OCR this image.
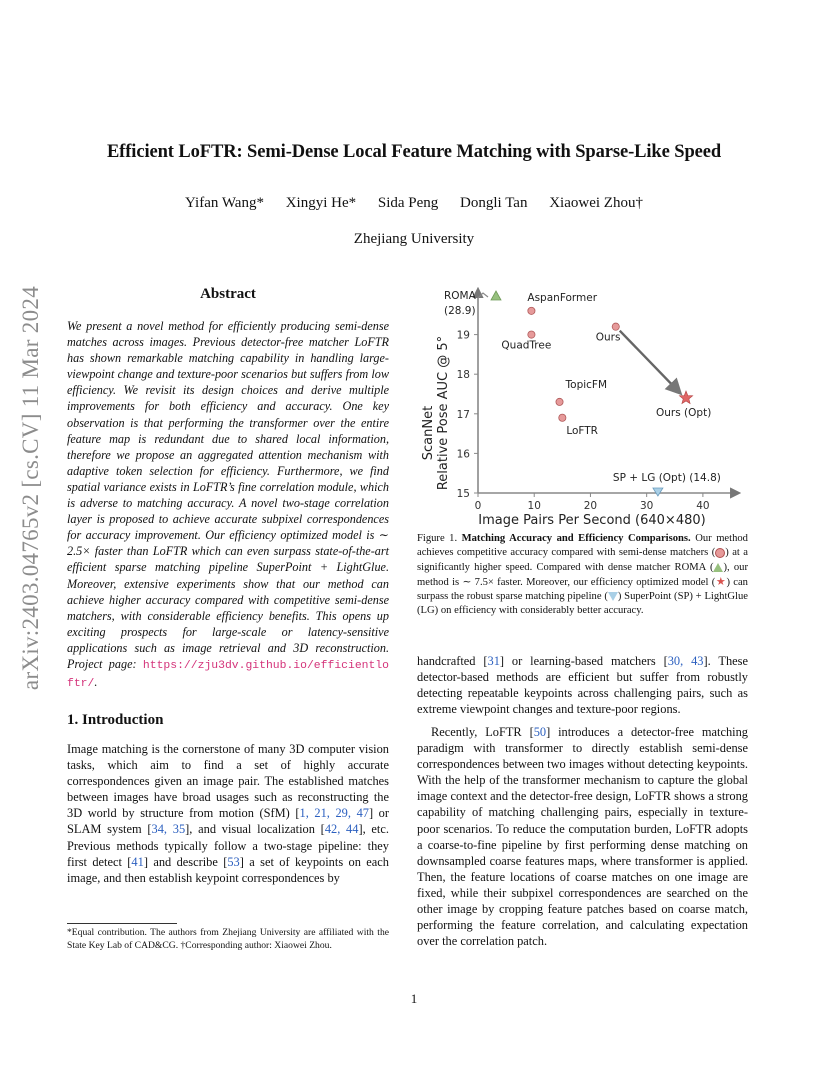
Efficient LoFTR: Semi-Dense Local Feature Matching with Sparse-Like Speed
Yifan Wang* Xingyi He* Sida Peng Dongli Tan Xiaowei Zhou†
Zhejiang University
arXiv:2403.04765v2 [cs.CV] 11 Mar 2024	Abstract
We present a novel method for efficiently producing semi-dense matches across images. Previous detector-free matcher LoFTR has shown remarkable matching capability in handling large-viewpoint change and texture-poor scenarios but suffers from low efficiency. We revisit its design choices and derive multiple improvements for both efficiency and accuracy. One key observation is that performing the transformer over the entire feature map is redundant due to shared local information, therefore we propose an aggregated attention mechanism with adaptive token selection for efficiency. Furthermore, we find spatial variance exists in LoFTR’s fine correlation module, which is adverse to matching accuracy. A novel two-stage correlation layer is proposed to achieve accurate subpixel correspondences for accuracy improvement. Our efficiency optimized model is ∼ 2.5× faster than LoFTR which can even surpass state-of-the-art efficient sparse matching pipeline SuperPoint + LightGlue. Moreover, extensive experiments show that our method can achieve higher accuracy compared with competitive semi-dense matchers, with considerable efficiency benefits. This opens up exciting prospects for large-scale or latency-sensitive applications such as image retrieval and 3D reconstruction. Project page: https://zju3dv.github.io/efficientloftr/.
1. Introduction
Image matching is the cornerstone of many 3D computer vision tasks, which aim to find a set of highly accurate correspondences given an image pair. The established matches between images have broad usages such as reconstructing the 3D world by structure from motion (SfM) [1, 21, 29, 47] or SLAM system [34, 35], and visual localization [42, 44], etc. Previous methods typically follow a two-stage pipeline: they first detect [41] and describe [53] a set of keypoints on each image, and then establish keypoint correspondences by
*Equal contribution. The authors from Zhejiang University are affiliated with the State Key Lab of CAD&CG. †Corresponding author: Xiaowei Zhou.
1
0	10	20	30	40
15
16
17
18
19
AspanFormer
QuadTree
TopicFM
LoFTR
Ours
Ours (Opt)
SP + LG (Opt) (14.8)
ScanNet Relative Pose AUC @ 5°
Image Pairs Per Second (640×480)
ROMA
(28.9)
Figure 1. Matching Accuracy and Efficiency Comparisons. Our method achieves competitive accuracy compared with semi-dense matchers ( ) at a significantly higher speed. Compared with dense matcher ROMA ( ), our method is ∼ 7.5× faster. Moreover, our efficiency optimized model (★) can surpass the robust sparse matching pipeline ( ) SuperPoint (SP) + LightGlue (LG) on efficiency with considerably better accuracy.
handcrafted [31] or learning-based matchers [30, 43]. These detector-based methods are efficient but suffer from robustly detecting repeatable keypoints across challenging pairs, such as extreme viewpoint changes and texture-poor regions.
Recently, LoFTR [50] introduces a detector-free matching paradigm with transformer to directly establish semi-dense correspondences between two images without detecting keypoints. With the help of the transformer mechanism to capture the global image context and the detector-free design, LoFTR shows a strong capability of matching challenging pairs, especially in texture-poor scenarios. To reduce the computation burden, LoFTR adopts a coarse-to-fine pipeline by first performing dense matching on downsampled coarse features maps, where transformer is applied. Then, the feature locations of coarse matches on one image are fixed, while their subpixel correspondences are searched on the other image by cropping feature patches based on coarse match, performing the feature correlation, and calculating expectation over the correlation patch.
